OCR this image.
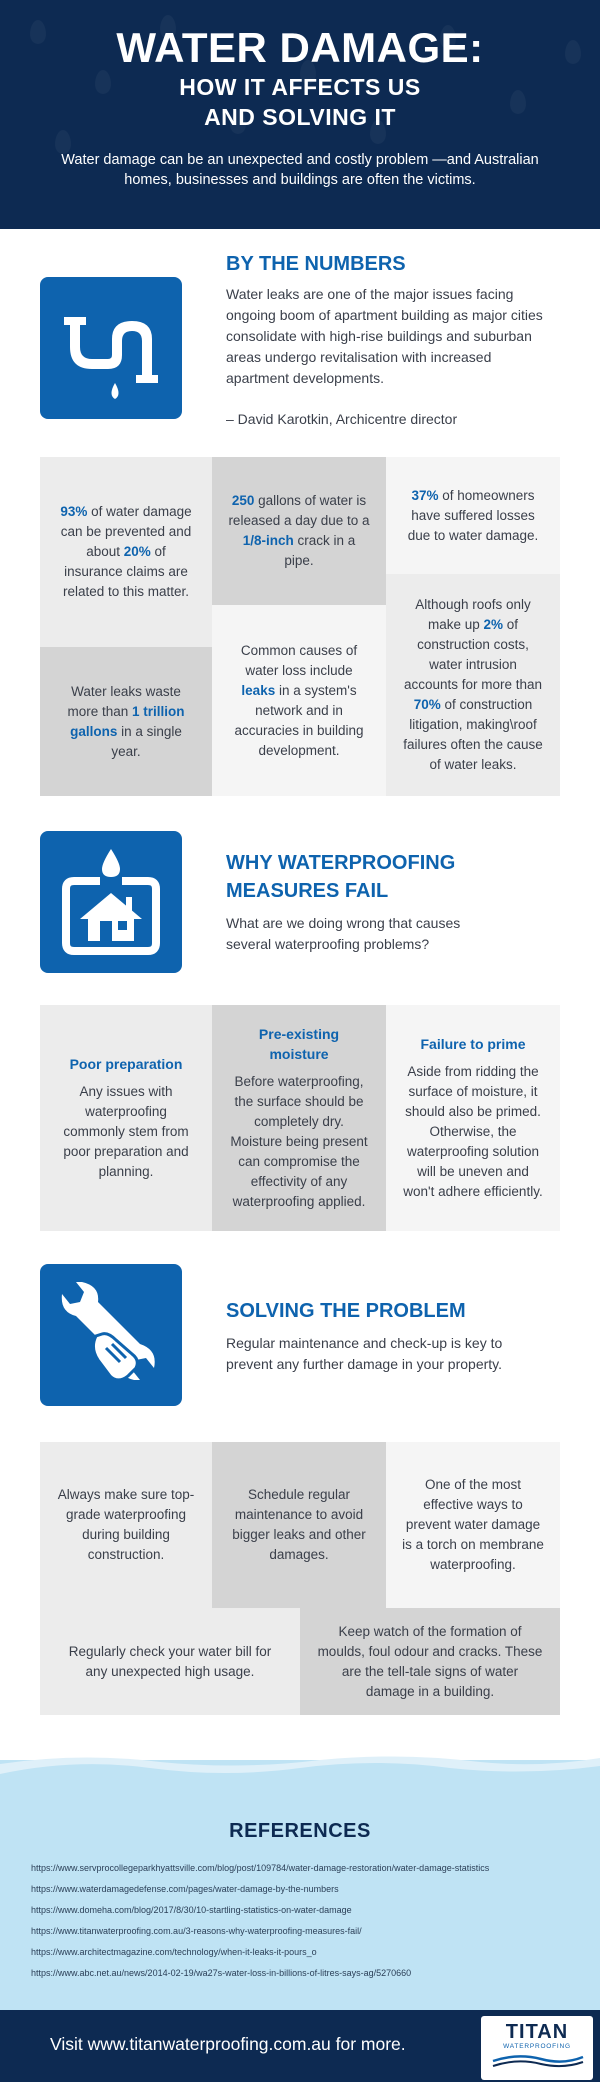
WATER DAMAGE:
HOW IT AFFECTS US
AND SOLVING IT
Water damage can be an unexpected and costly problem —and Australian homes, businesses and buildings are often the victims.
BY THE NUMBERS
Water leaks are one of the major issues facing ongoing boom of apartment building as major cities consolidate with high-rise buildings and suburban areas undergo revitalisation with increased apartment developments.
– David Karotkin, Archicentre director
93% of water damage can be prevented and about 20% of insurance claims are related to this matter.
Water leaks waste more than 1 trillion gallons in a single year.
250 gallons of water is released a day due to a 1/8-inch crack in a pipe.
Common causes of water loss include leaks in a system's network and in accuracies in building development.
37% of homeowners have suffered losses due to water damage.
Although roofs only make up 2% of construction costs, water intrusion accounts for more than 70% of construction litigation, making\roof failures often the cause of water leaks.
WHY WATERPROOFING
MEASURES FAIL
What are we doing wrong that causes several waterproofing problems?
Poor preparation
Any issues with waterproofing commonly stem from poor preparation and planning.
Pre-existing moisture
Before waterproofing, the surface should be completely dry. Moisture being present can compromise the effectivity of any waterproofing applied.
Failure to prime
Aside from ridding the surface of moisture, it should also be primed. Otherwise, the waterproofing solution will be uneven and won't adhere efficiently.
SOLVING THE PROBLEM
Regular maintenance and check-up is key to prevent any further damage in your property.
Always make sure top-grade waterproofing during building construction.
Schedule regular maintenance to avoid bigger leaks and other damages.
One of the most effective ways to prevent water damage is a torch on membrane waterproofing.
Regularly check your water bill for any unexpected high usage.
Keep watch of the formation of moulds, foul odour and cracks. These are the tell-tale signs of water damage in a building.
REFERENCES
https://www.servprocollegeparkhyattsville.com/blog/post/109784/water-damage-restoration/water-damage-statistics
https://www.waterdamagedefense.com/pages/water-damage-by-the-numbers
https://www.domeha.com/blog/2017/8/30/10-startling-statistics-on-water-damage
https://www.titanwaterproofing.com.au/3-reasons-why-waterproofing-measures-fail/
https://www.architectmagazine.com/technology/when-it-leaks-it-pours_o
https://www.abc.net.au/news/2014-02-19/wa27s-water-loss-in-billions-of-litres-says-ag/5270660
Visit www.titanwaterproofing.com.au for more.
TITAN
WATERPROOFING
